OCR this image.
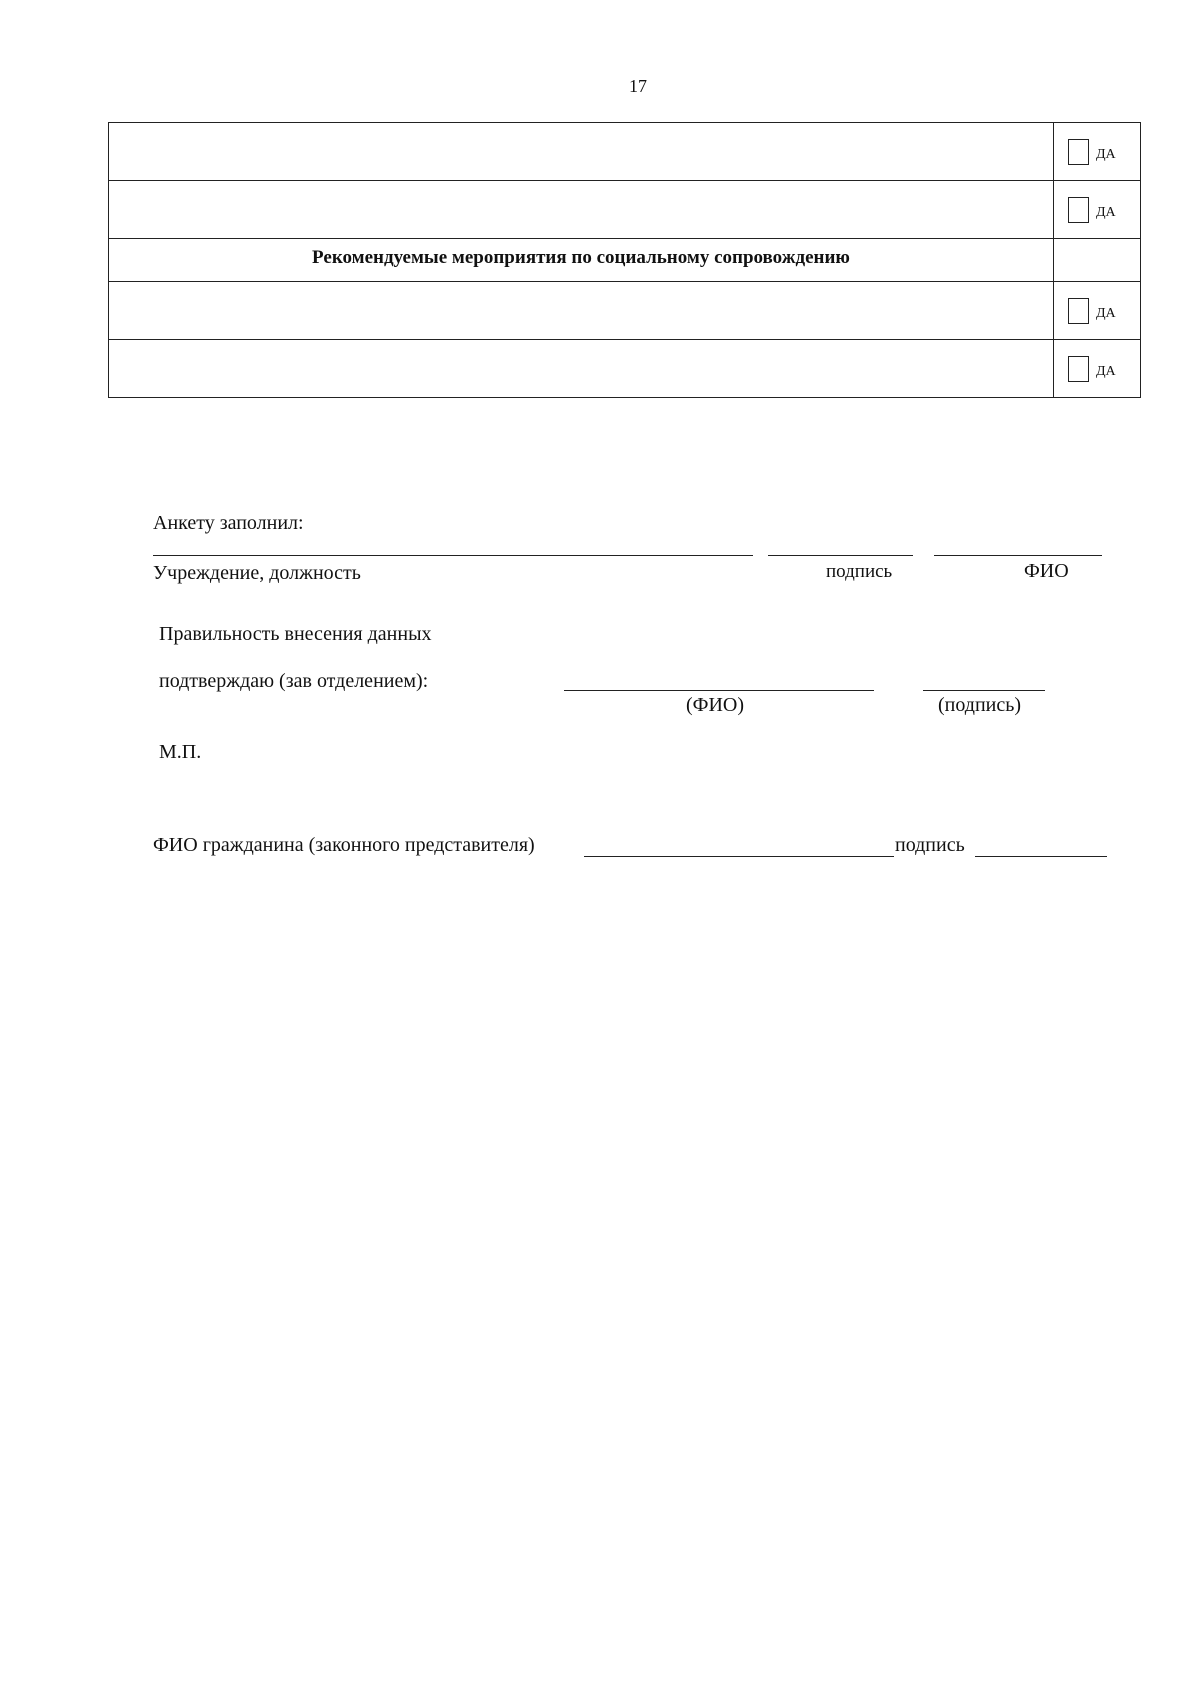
17

	ДА

	ДА

Рекомендуемые мероприятия по социальному сопровождению	

	ДА

	ДА
Анкету заполнил:
Учреждение, должность	подпись	ФИО
Правильность внесения данных
подтверждаю (зав отделением):
(ФИО)	(подпись)
М.П.
ФИО гражданина (законного представителя)	подпись
